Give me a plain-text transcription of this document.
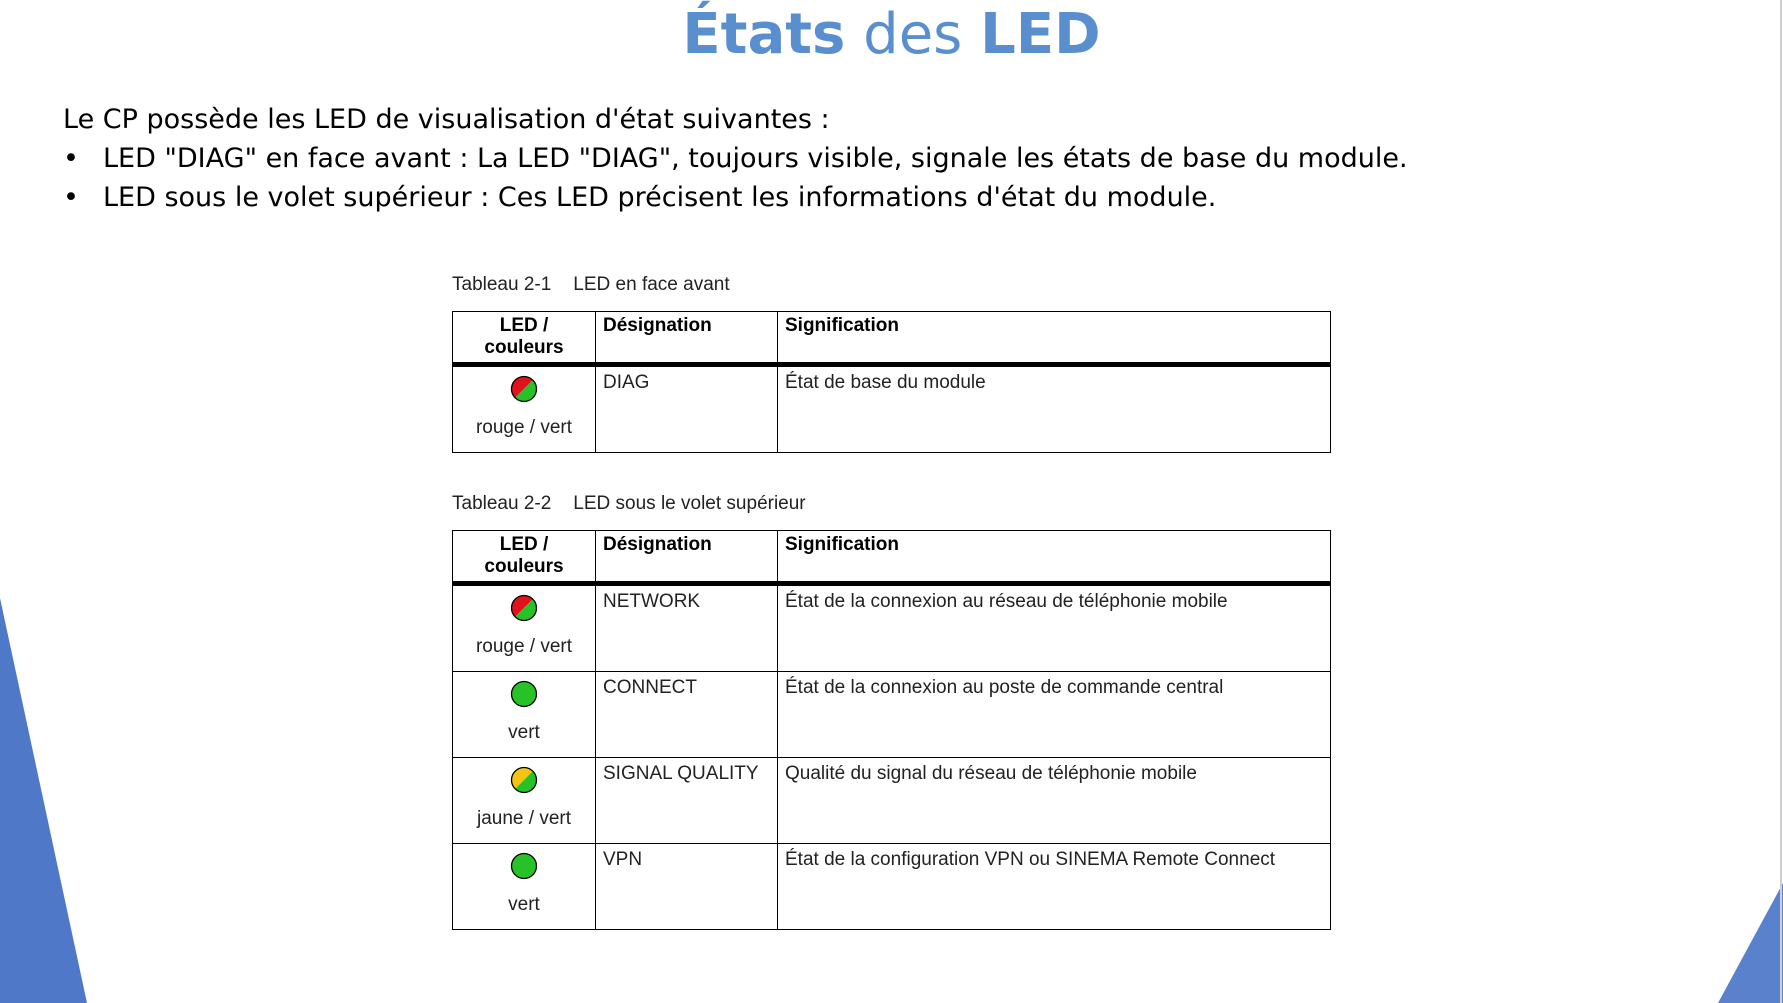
États des LED
Le CP possède les LED de visualisation d'état suivantes :
• LED "DIAG" en face avant : La LED "DIAG", toujours visible, signale les états de base du module.
• LED sous le volet supérieur : Ces LED précisent les informations d'état du module.
Tableau 2-1 LED en face avant
LED / couleurs	Désignation	Signification

rouge / vert	DIAG	État de base du module
Tableau 2-2 LED sous le volet supérieur
LED / couleurs	Désignation	Signification

rouge / vert	NETWORK	État de la connexion au réseau de téléphonie mobile

vert	CONNECT	État de la connexion au poste de commande central

jaune / vert	SIGNAL QUALITY	Qualité du signal du réseau de téléphonie mobile

vert	VPN	État de la configuration VPN ou SINEMA Remote Connect
